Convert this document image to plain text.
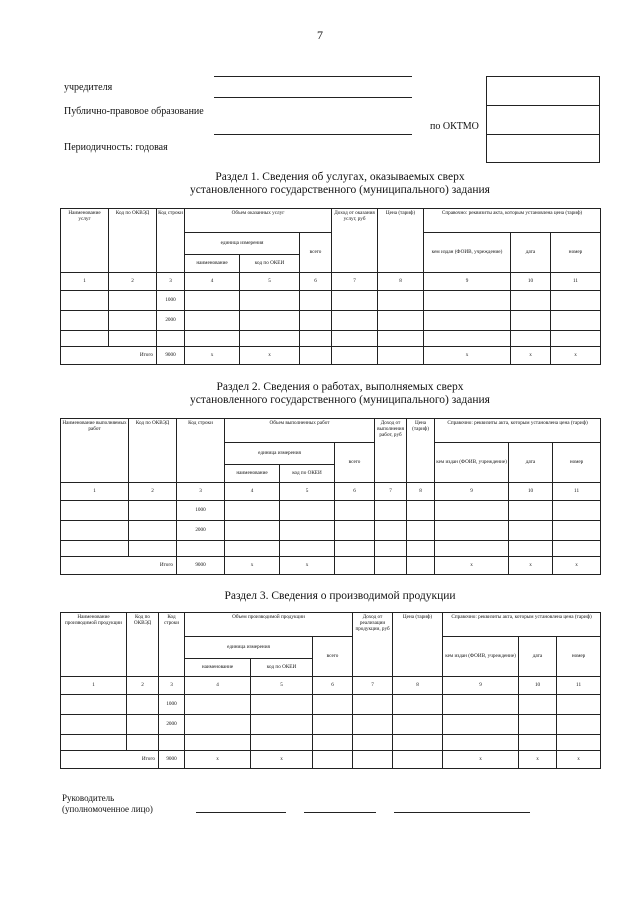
7
учредителя
Публично-правовое образование
по ОКТМО
Периодичность: годовая
Раздел 1. Сведения об услугах, оказываемых сверх
установленного государственного (муниципального) задания
Наименование услуг	Код по ОКВЭД	Код строки	Объем оказанных услуг			Доход от оказания услуг, руб	Цена (тариф)	Справочно: реквизиты акта, которым установлена цена (тариф)		
			единица измерения		всего			кем издан (ФОИВ, учреждение)	дата	номер
			наименование	код по ОКЕИ						
1	2	3	4	5	6	7	8	9	10	11
		1000								
		2000								

	Итого	9000	x	x				x	x	x
Раздел 2. Сведения о работах, выполняемых сверх
установленного государственного (муниципального) задания
Наименование выполняемых работ	Код по ОКВЭД	Код строки	Объем выполненных работ			Доход от выполнения работ, руб	Цена (тариф)	Справочно: реквизиты акта, которым установлена цена (тариф)		
			единица измерения		всего			кем издан (ФОИВ, учреждение)	дата	номер
			наименование	код по ОКЕИ						
1	2	3	4	5	6	7	8	9	10	11
		1000								
		2000								

	Итого	9000	x	x				x	x	x
Раздел 3. Сведения о производимой продукции
Наименование производимой продукции	Код по ОКВЭД	Код строки	Объем производимой продукции			Доход от реализации продукции, руб	Цена (тариф)	Справочно: реквизиты акта, которым установлена цена (тариф)		
			единица измерения		всего			кем издан (ФОИВ, учреждение)	дата	номер
			наименование	код по ОКЕИ						
1	2	3	4	5	6	7	8	9	10	11
		1000								
		2000								

	Итого	9000	x	x				x	x	x
Руководитель
(уполномоченное лицо)
